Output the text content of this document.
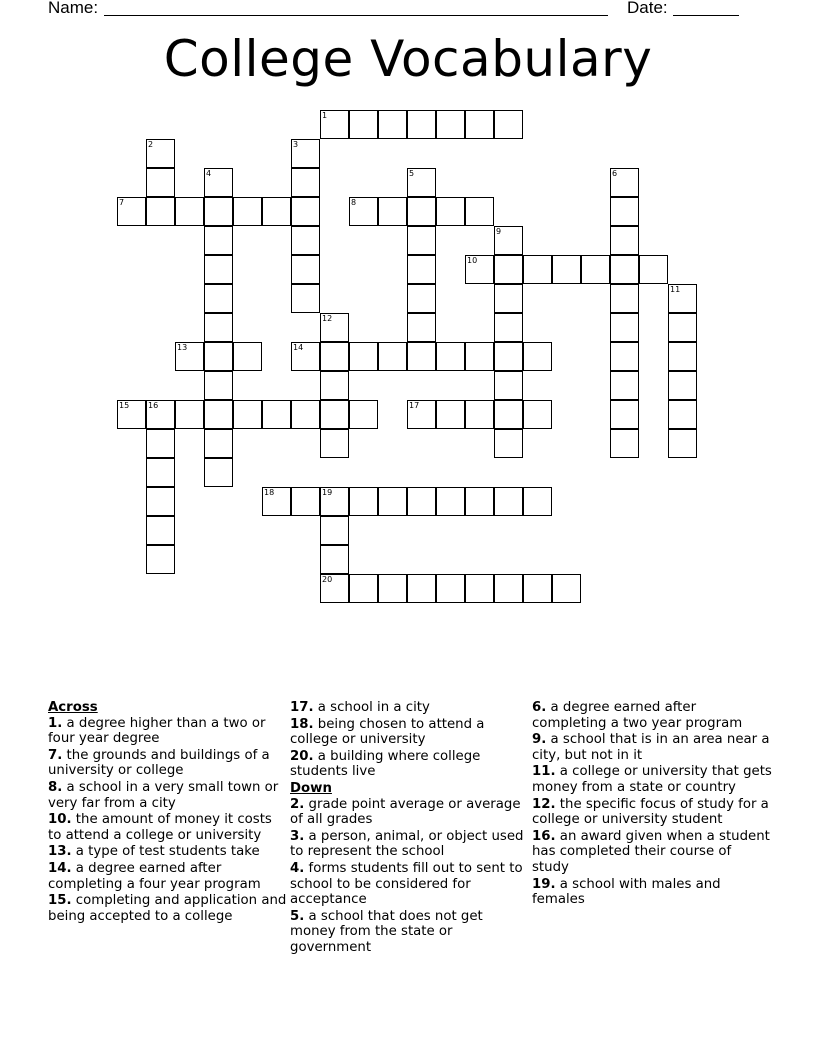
Name:	Date:
College Vocabulary
1
2	3
4	5	6
7	8
9
10
11
12
13	14
15 16	17
18	19
20
Across
1. a degree higher than a two or four year degree
7. the grounds and buildings of a university or college
8. a school in a very small town or very far from a city
10. the amount of money it costs to attend a college or university
13. a type of test students take
14. a degree earned after completing a four year program
15. completing and application and being accepted to a college
17. a school in a city
18. being chosen to attend a college or university
20. a building where college students live
Down
2. grade point average or average of all grades
3. a person, animal, or object used to represent the school
4. forms students fill out to sent to school to be considered for acceptance
5. a school that does not get money from the state or government
6. a degree earned after completing a two year program
9. a school that is in an area near a city, but not in it
11. a college or university that gets money from a state or country
12. the specific focus of study for a college or university student
16. an award given when a student has completed their course of study
19. a school with males and females
